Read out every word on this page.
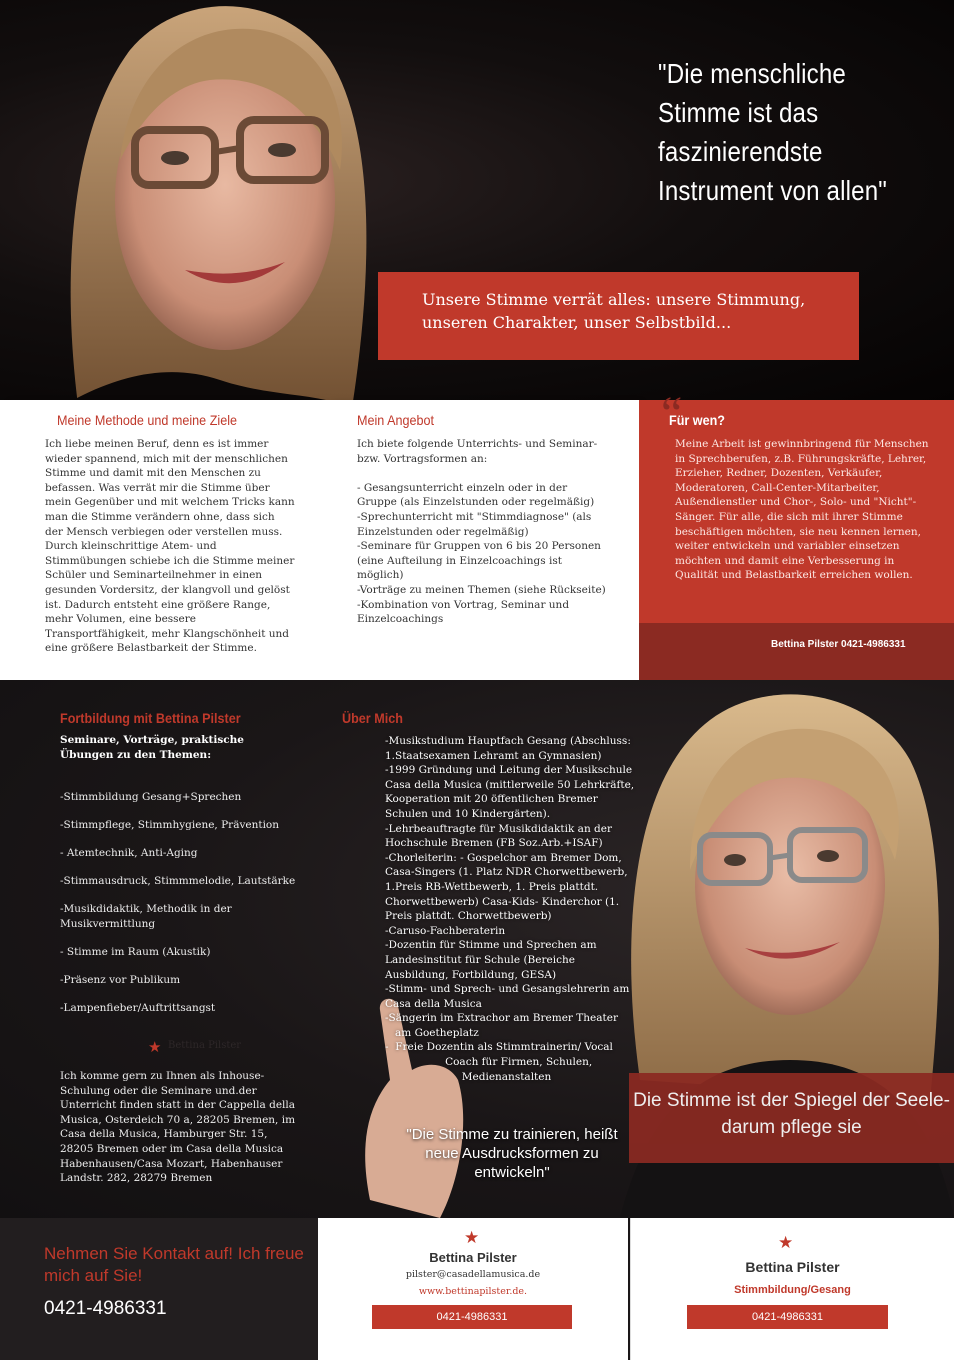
"Die menschliche Stimme ist das faszinierendste Instrument von allen"
Unsere Stimme verrät alles: unsere Stimmung, unseren Charakter, unser Selbstbild...
Meine Methode und meine Ziele

Ich liebe meinen Beruf, denn es ist immer wieder spannend, mich mit der menschlichen Stimme und damit mit den Menschen zu befassen. Was verrät mir die Stimme über mein Gegenüber und mit welchem Tricks kann man die Stimme verändern ohne, dass sich der Mensch verbiegen oder verstellen muss. Durch kleinschrittige Atem- und Stimmübungen schiebe ich die Stimme meiner Schüler und Seminarteilnehmer in einen gesunden Vordersitz, der klangvoll und gelöst ist. Dadurch entsteht eine größere Range, mehr Volumen, eine bessere Transportfähigkeit, mehr Klangschönheit und eine größere Belastbarkeit der Stimme.

Mein Angebot

Ich biete folgende Unterrichts- und Seminar- bzw. Vortragsformen an:

- Gesangsunterricht einzeln oder in der Gruppe (als Einzelstunden oder regelmäßig)
-Sprechunterricht mit "Stimmdiagnose" (als Einzelstunden oder regelmäßig)
-Seminare für Gruppen von 6 bis 20 Personen (eine Aufteilung in Einzelcoachings ist möglich)
-Vorträge zu meinen Themen (siehe Rückseite)
-Kombination von Vortrag, Seminar und Einzelcoachings

“
Für wen?

Meine Arbeit ist gewinnbringend für Menschen in Sprechberufen, z.B. Führungskräfte, Lehrer, Erzieher, Redner, Dozenten, Verkäufer, Moderatoren, Call-Center-Mitarbeiter, Außendienstler und Chor-, Solo- und "Nicht"-Sänger. Für alle, die sich mit ihrer Stimme beschäftigen möchten, sie neu kennen lernen, weiter entwickeln und variabler einsetzen möchten und damit eine Verbesserung in Qualität und Belastbarkeit erreichen wollen.

Bettina Pilster 0421-4986331
Fortbildung mit Bettina Pilster
Seminare, Vorträge, praktische Übungen zu den Themen:
-Stimmbildung Gesang+Sprechen
-Stimmpflege, Stimmhygiene, Prävention
- Atemtechnik, Anti-Aging
-Stimmausdruck, Stimmmelodie, Lautstärke
-Musikdidaktik, Methodik in der Musikvermittlung
- Stimme im Raum (Akustik)
-Präsenz vor Publikum
-Lampenfieber/Auftrittsangst
★ Bettina Pilster

Ich komme gern zu Ihnen als Inhouse-Schulung oder die Seminare und.der Unterricht finden statt in der Cappella della Musica, Osterdeich 70 a, 28205 Bremen, im Casa della Musica, Hamburger Str. 15, 28205 Bremen oder im Casa della Musica Habenhausen/Casa Mozart, Habenhauser Landstr. 282, 28279 Bremen

Über Mich
-Musikstudium Hauptfach Gesang (Abschluss: 1.Staatsexamen Lehramt an Gymnasien)
-1999 Gründung und Leitung der Musikschule Casa della Musica (mittlerweile 50 Lehrkräfte, Kooperation mit 20 öffentlichen Bremer Schulen und 10 Kindergärten).
-Lehrbeauftragte für Musikdidaktik an der Hochschule Bremen (FB Soz.Arb.+ISAF)
-Chorleiterin: - Gospelchor am Bremer Dom, Casa-Singers (1. Platz NDR Chorwettbewerb, 1.Preis RB-Wettbewerb, 1. Preis plattdt. Chorwettbewerb) Casa-Kids- Kinderchor (1. Preis plattdt. Chorwettbewerb)
-Caruso-Fachberaterin
-Dozentin für Stimme und Sprechen am Landesinstitut für Schule (Bereiche Ausbildung, Fortbildung, GESA)
-Stimm- und Sprech- und Gesangslehrerin am Casa della Musica
-Sängerin im Extrachor am Bremer Theater
am Goetheplatz
-  Freie Dozentin als Stimmtrainerin/ Vocal
Coach für Firmen, Schulen,
Medienanstalten
"Die Stimme zu trainieren, heißt neue Ausdrucksformen zu entwickeln"
Die Stimme ist der Spiegel der Seele- darum pflege sie
Nehmen Sie Kontakt auf! Ich freue mich auf Sie!
0421-4986331
★
Bettina Pilster
pilster@casadellamusica.de
www.bettinapilster.de.
0421-4986331
★
Bettina Pilster
Stimmbildung/Gesang
0421-4986331
